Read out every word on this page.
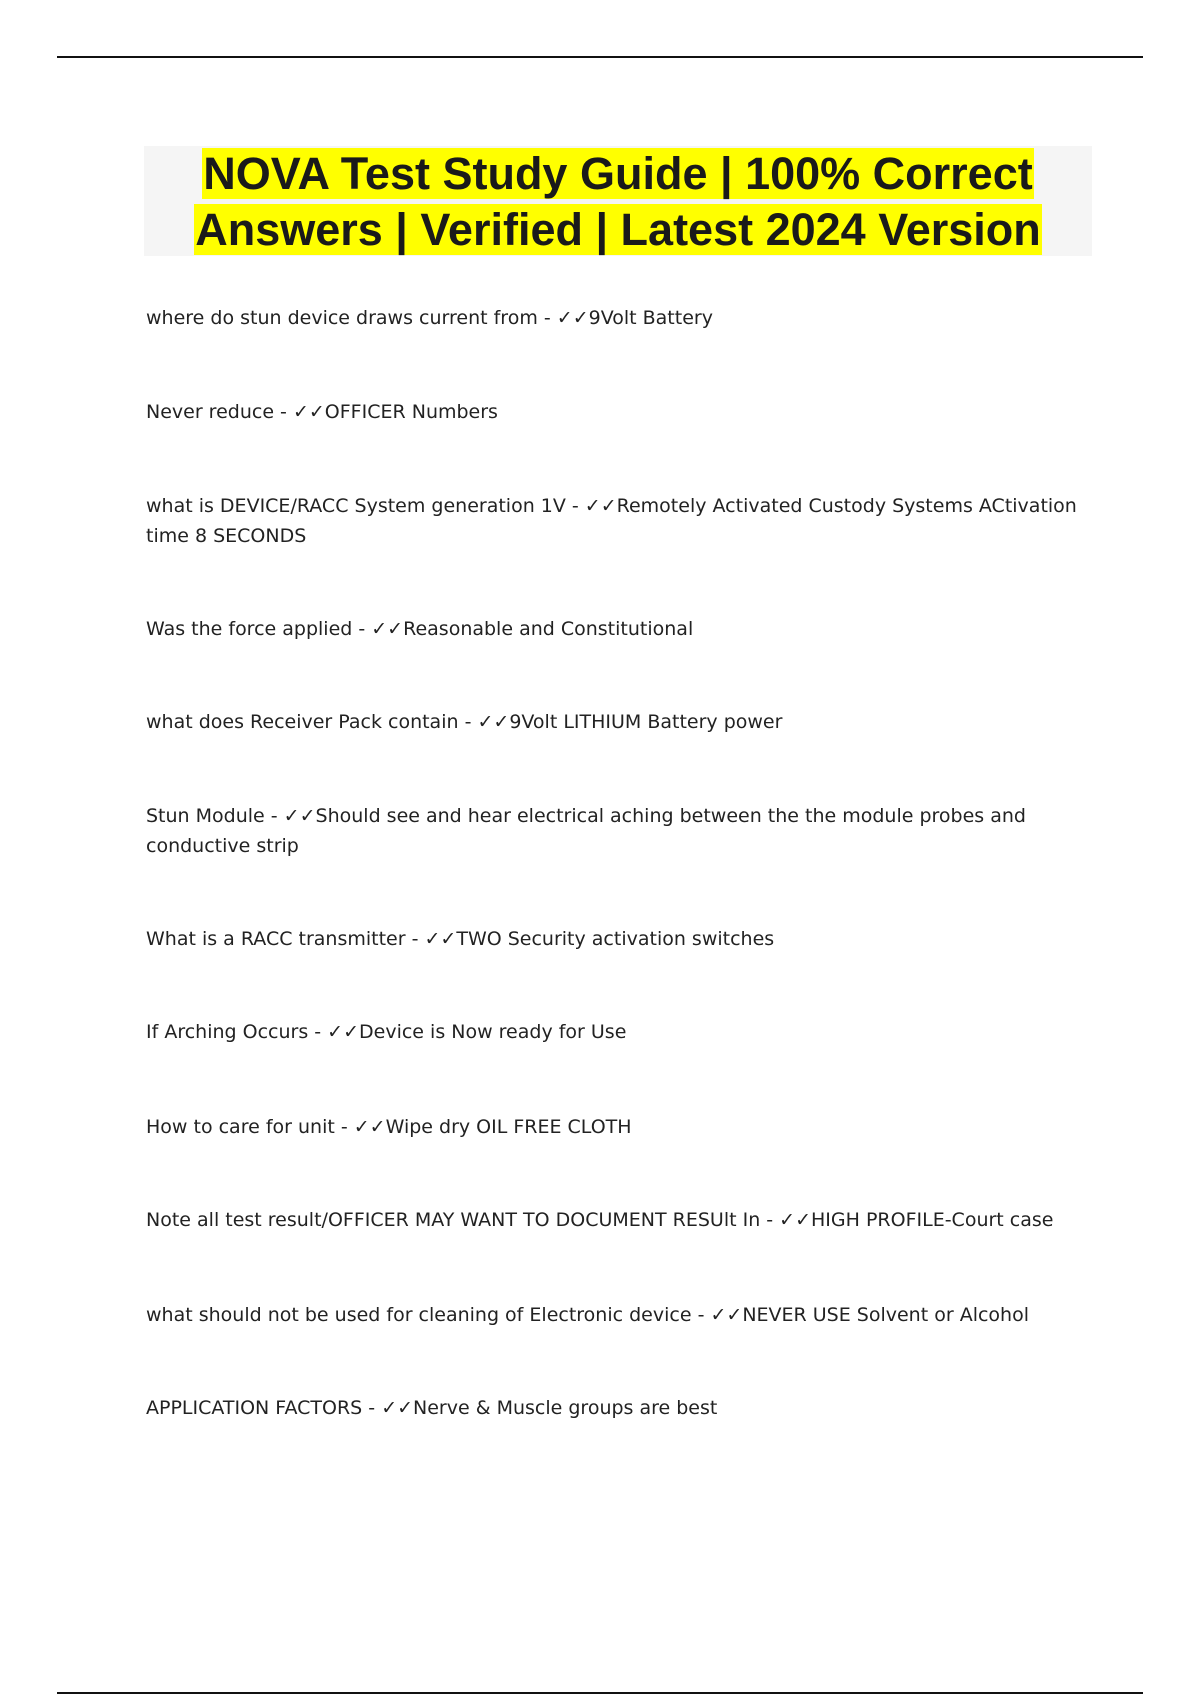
NOVA Test Study Guide | 100% Correct
Answers | Verified | Latest 2024 Version
where do stun device draws current from - ✓✓9Volt Battery
Never reduce - ✓✓OFFICER Numbers
what is DEVICE/RACC System generation 1V - ✓✓Remotely Activated Custody Systems ACtivation time 8 SECONDS
Was the force applied - ✓✓Reasonable and Constitutional
what does Receiver Pack contain - ✓✓9Volt LITHIUM Battery power
Stun Module - ✓✓Should see and hear electrical aching between the the module probes and conductive strip
What is a RACC transmitter - ✓✓TWO Security activation switches
If Arching Occurs - ✓✓Device is Now ready for Use
How to care for unit - ✓✓Wipe dry OIL FREE CLOTH
Note all test result/OFFICER MAY WANT TO DOCUMENT RESUlt In - ✓✓HIGH PROFILE-Court case
what should not be used for cleaning of Electronic device - ✓✓NEVER USE Solvent or Alcohol
APPLICATION FACTORS - ✓✓Nerve & Muscle groups are best
